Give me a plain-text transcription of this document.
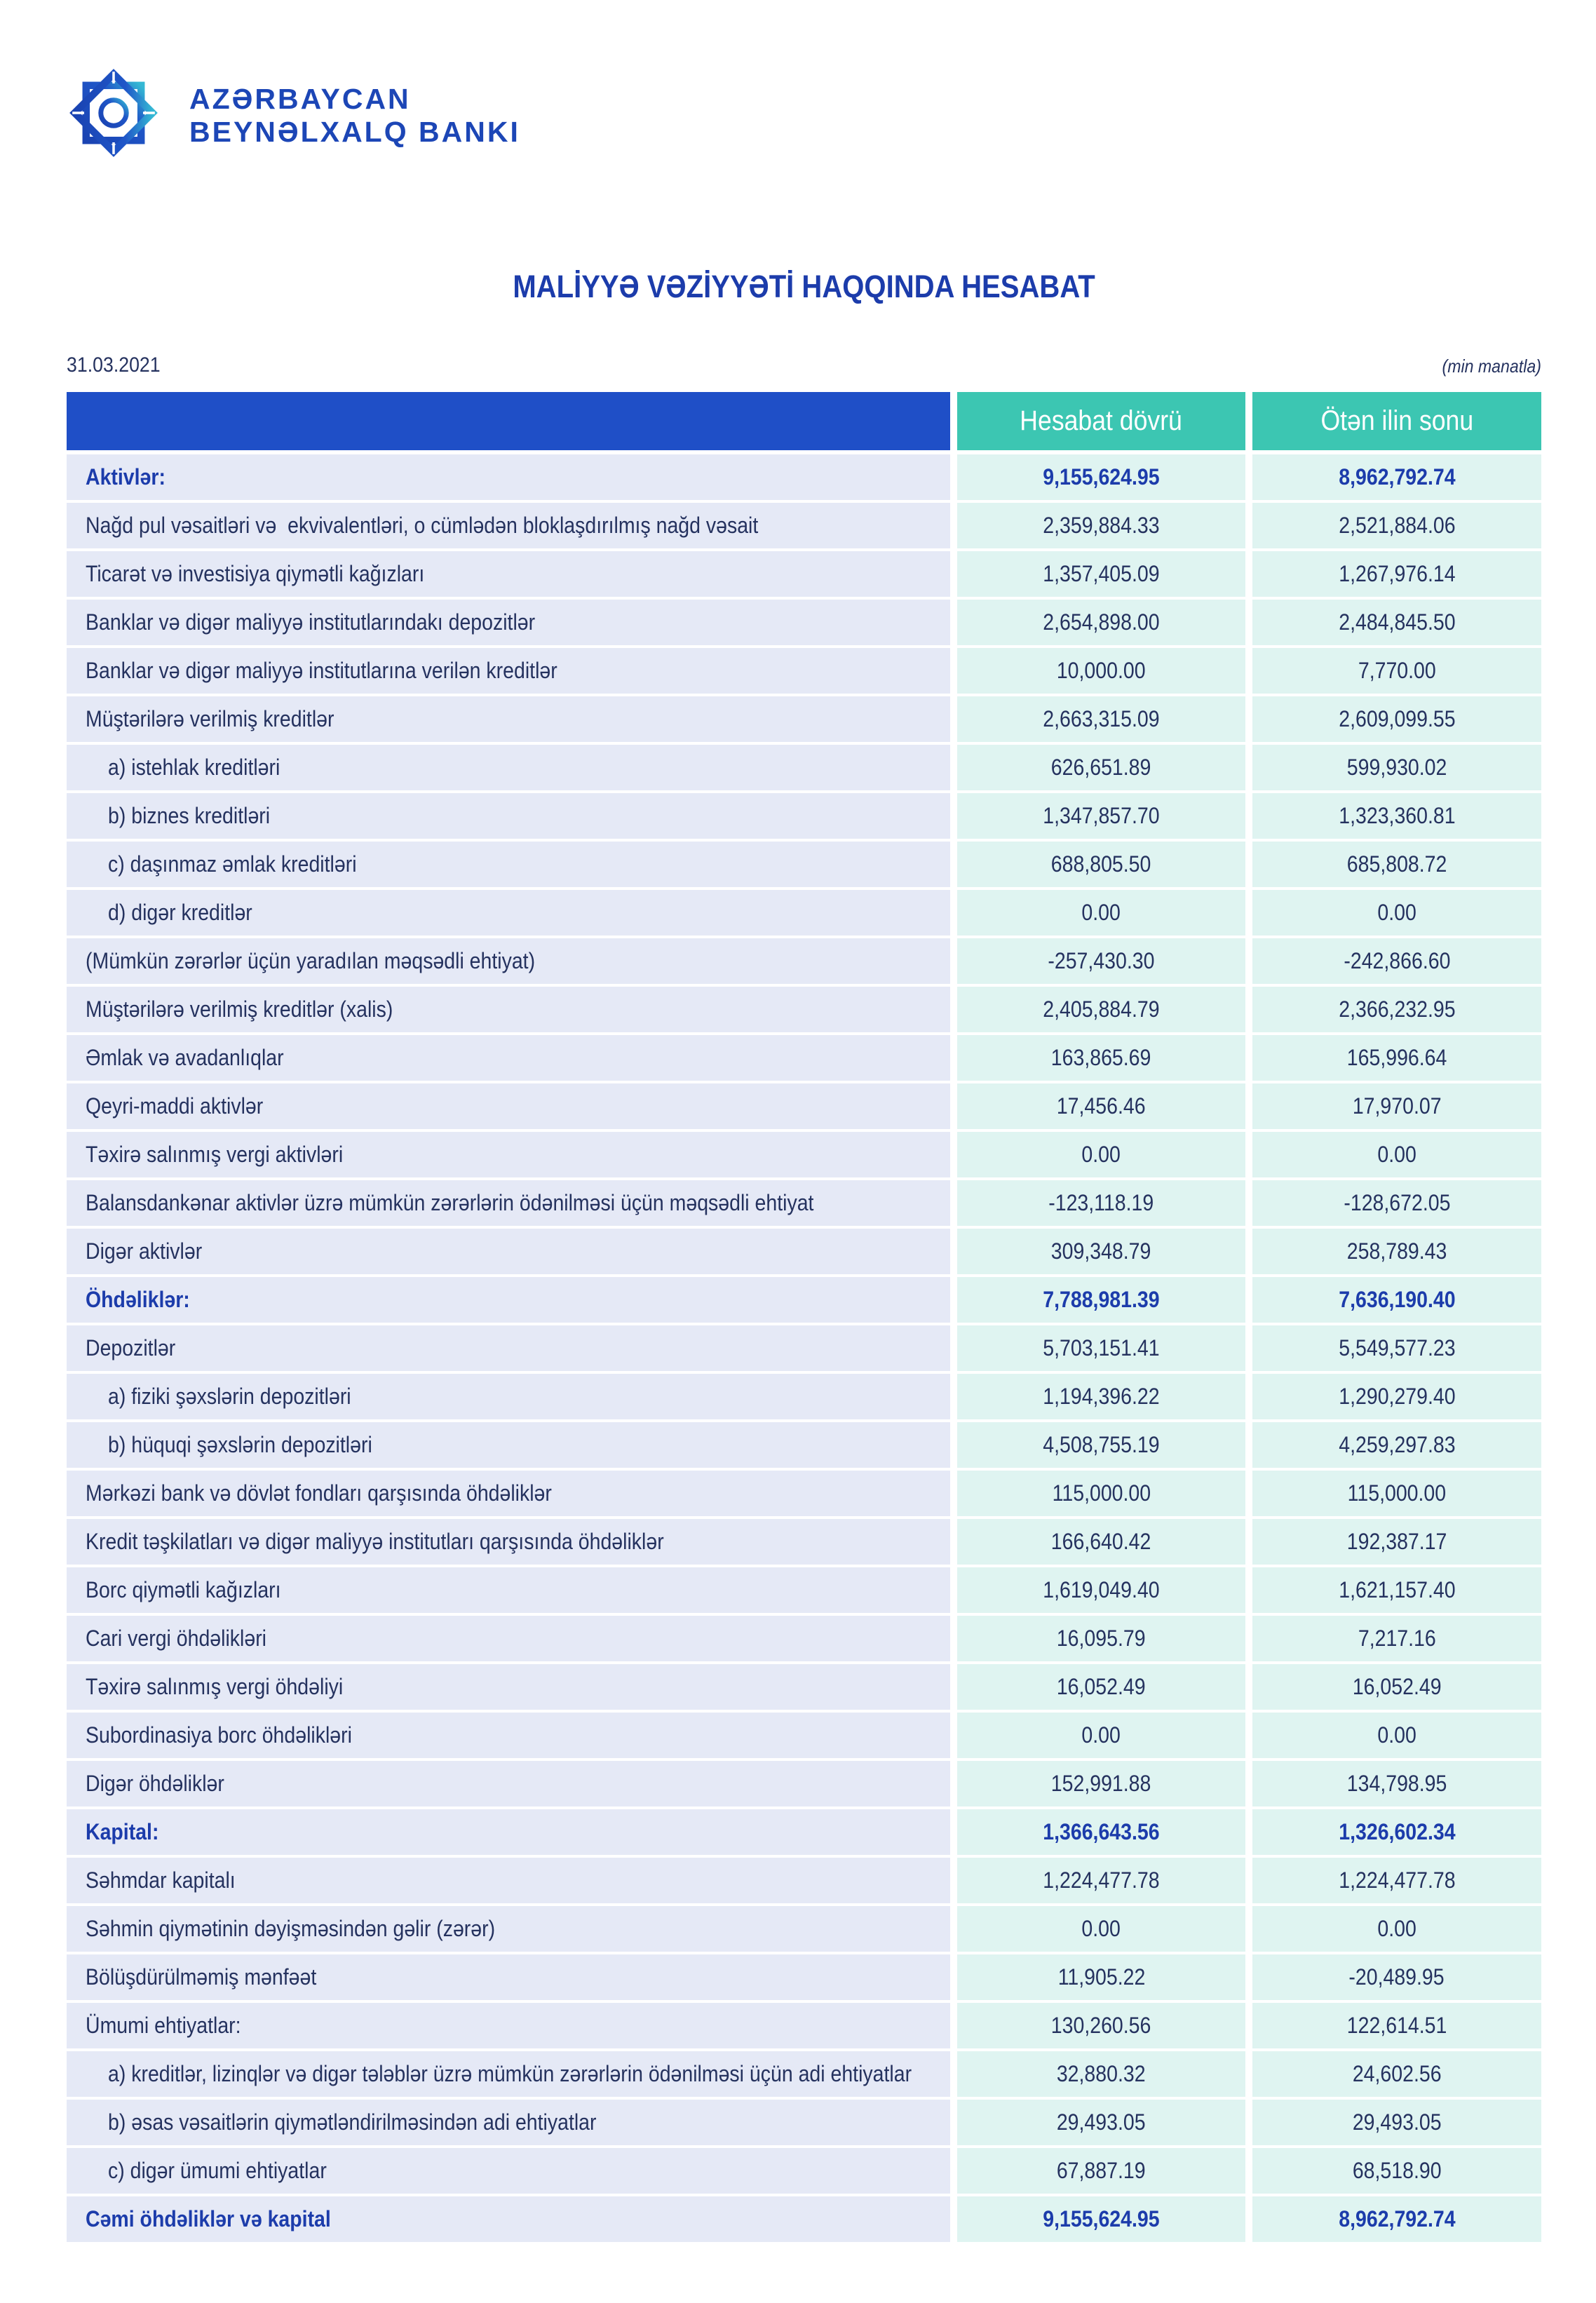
AZƏRBAYCAN
BEYNƏLXALQ BANKI
MALİYYƏ VƏZİYYƏTİ HAQQINDA HESABAT
31.03.2021	(min manatla)
Hesabat dövrü	Ötən ilin sonu
Aktivlər:	9,155,624.95	8,962,792.74
Nağd pul vəsaitləri və  ekvivalentləri, o cümlədən bloklaşdırılmış nağd vəsait	2,359,884.33	2,521,884.06
Ticarət və investisiya qiymətli kağızları	1,357,405.09	1,267,976.14
Banklar və digər maliyyə institutlarındakı depozitlər	2,654,898.00	2,484,845.50
Banklar və digər maliyyə institutlarına verilən kreditlər	10,000.00	7,770.00
Müştərilərə verilmiş kreditlər	2,663,315.09	2,609,099.55
a) istehlak kreditləri	626,651.89	599,930.02
b) biznes kreditləri	1,347,857.70	1,323,360.81
c) daşınmaz əmlak kreditləri	688,805.50	685,808.72
d) digər kreditlər	0.00	0.00
(Mümkün zərərlər üçün yaradılan məqsədli ehtiyat)	-257,430.30	-242,866.60
Müştərilərə verilmiş kreditlər (xalis)	2,405,884.79	2,366,232.95
Əmlak və avadanlıqlar	163,865.69	165,996.64
Qeyri-maddi aktivlər	17,456.46	17,970.07
Təxirə salınmış vergi aktivləri	0.00	0.00
Balansdankənar aktivlər üzrə mümkün zərərlərin ödənilməsi üçün məqsədli ehtiyat	-123,118.19	-128,672.05
Digər aktivlər	309,348.79	258,789.43
Öhdəliklər:	7,788,981.39	7,636,190.40
Depozitlər	5,703,151.41	5,549,577.23
a) fiziki şəxslərin depozitləri	1,194,396.22	1,290,279.40
b) hüquqi şəxslərin depozitləri	4,508,755.19	4,259,297.83
Mərkəzi bank və dövlət fondları qarşısında öhdəliklər	115,000.00	115,000.00
Kredit təşkilatları və digər maliyyə institutları qarşısında öhdəliklər	166,640.42	192,387.17
Borc qiymətli kağızları	1,619,049.40	1,621,157.40
Cari vergi öhdəlikləri	16,095.79	7,217.16
Təxirə salınmış vergi öhdəliyi	16,052.49	16,052.49
Subordinasiya borc öhdəlikləri	0.00	0.00
Digər öhdəliklər	152,991.88	134,798.95
Kapital:	1,366,643.56	1,326,602.34
Səhmdar kapitalı	1,224,477.78	1,224,477.78
Səhmin qiymətinin dəyişməsindən gəlir (zərər)	0.00	0.00
Bölüşdürülməmiş mənfəət	11,905.22	-20,489.95
Ümumi ehtiyatlar:	130,260.56	122,614.51
a) kreditlər, lizinqlər və digər tələblər üzrə mümkün zərərlərin ödənilməsi üçün adi ehtiyatlar	32,880.32	24,602.56
b) əsas vəsaitlərin qiymətləndirilməsindən adi ehtiyatlar	29,493.05	29,493.05
c) digər ümumi ehtiyatlar	67,887.19	68,518.90
Cəmi öhdəliklər və kapital	9,155,624.95	8,962,792.74
